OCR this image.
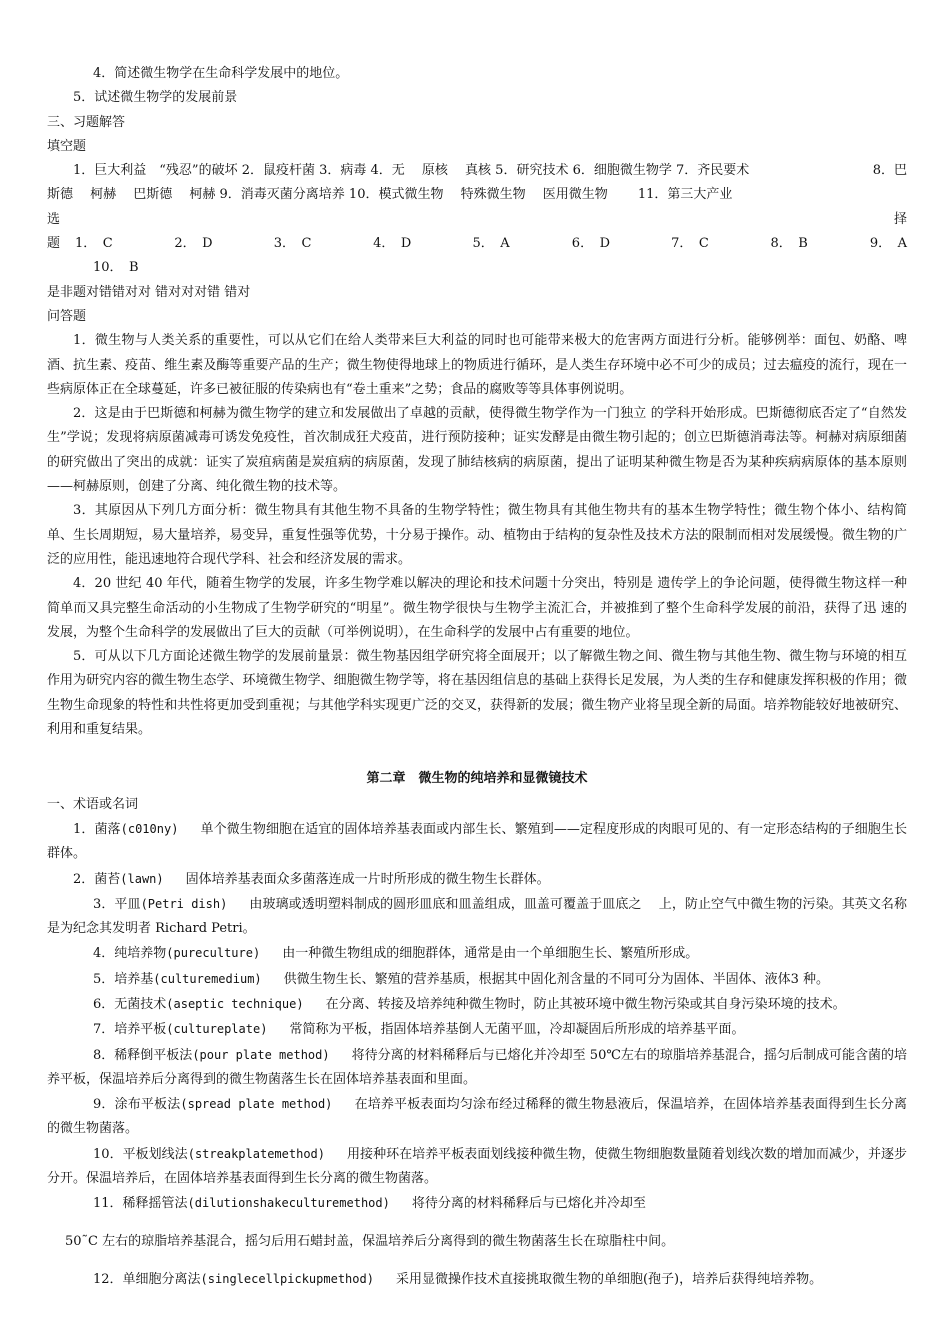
4．简述微生物学在生命科学发展中的地位。
5．试述微生物学的发展前景
三、习题解答
填空题
1．巨大利益　“残忍”的破坏 2．鼠疫杆菌 3．病毒 4．无　 原核　 真核 5．研究技术 6．细胞微生物学 7．齐民要术	8．巴
斯德　 柯赫　 巴斯德　 柯赫 9．消毒灭菌分离培养 10．模式微生物　 特殊微生物　 医用微生物　　 11．第三大产业
选	择
题	1．　C	2．　D	3．　C	4．　D	5．　A	6．　D	7．　C	8．　B	9．　A
10．　B
是非题对错错对对 错对对对错 错对
问答题

1．微生物与人类关系的重要性，可以从它们在给人类带来巨大利益的同时也可能带来极大的危害两方面进行分析。能够例举：面包、奶酪、啤酒、抗生素、疫苗、维生素及酶等重要产品的生产；微生物使得地球上的物质进行循环，是人类生存环境中必不可少的成员；过去瘟疫的流行，现在一些病原体正在全球蔓延，许多已被征服的传染病也有“卷土重来”之势；食品的腐败等等具体事例说明。

2．这是由于巴斯德和柯赫为微生物学的建立和发展做出了卓越的贡献，使得微生物学作为一门独立 的学科开始形成。巴斯德彻底否定了“自然发生”学说；发现将病原菌减毒可诱发免疫性，首次制成狂犬疫苗，进行预防接种；证实发酵是由微生物引起的；创立巴斯德消毒法等。柯赫对病原细菌的研究做出了突出的成就：证实了炭疽病菌是炭疽病的病原菌，发现了肺结核病的病原菌，提出了证明某种微生物是否为某种疾病病原体的基本原则——柯赫原则，创建了分离、纯化微生物的技术等。

3．其原因从下列几方面分析：微生物具有其他生物不具备的生物学特性；微生物具有其他生物共有的基本生物学特性；微生物个体小、结构简单、生长周期短，易大量培养，易变异，重复性强等优势，十分易于操作。动、植物由于结构的复杂性及技术方法的限制而相对发展缓慢。微生物的广泛的应用性，能迅速地符合现代学科、社会和经济发展的需求。

4．20 世纪 40 年代，随着生物学的发展，许多生物学难以解决的理论和技术问题十分突出，特别是 遗传学上的争论问题，使得微生物这样一种简单而又具完整生命活动的小生物成了生物学研究的“明星”。微生物学很快与生物学主流汇合，并被推到了整个生命科学发展的前沿，获得了迅 速的发展，为整个生命科学的发展做出了巨大的贡献（可举例说明），在生命科学的发展中占有重要的地位。

5．可从以下几方面论述微生物学的发展前量景：微生物基因组学研究将全面展开；以了解微生物之间、微生物与其他生物、微生物与环境的相互作用为研究内容的微生物生态学、环境微生物学、细胞微生物学等，将在基因组信息的基础上获得长足发展，为人类的生存和健康发挥积极的作用；微生物生命现象的特性和共性将更加受到重视；与其他学科实现更广泛的交叉，获得新的发展；微生物产业将呈现全新的局面。培养物能较好地被研究、利用和重复结果。

第二章　微生物的纯培养和显微镜技术
一、术语或名词

1．菌落(c010ny) 单个微生物细胞在适宜的固体培养基表面或内部生长、繁殖到——定程度形成的肉眼可见的、有一定形态结构的子细胞生长群体。

2．菌苔(lawn) 固体培养基表面众多菌落连成一片时所形成的微生物生长群体。

3．平皿(Petri dish) 由玻璃或透明塑料制成的圆形皿底和皿盖组成，皿盖可覆盖于皿底之　 上，防止空气中微生物的污染。其英文名称是为纪念其发明者 Richard Petri。

4．纯培养物(pureculture) 由一种微生物组成的细胞群体，通常是由一个单细胞生长、繁殖所形成。

5．培养基(culturemedium) 供微生物生长、繁殖的营养基质，根据其中固化剂含量的不同可分为固体、半固体、液体3 种。

6．无菌技术(aseptic technique) 在分离、转接及培养纯种微生物时，防止其被环境中微生物污染或其自身污染环境的技术。

7．培养平板(cultureplate) 常简称为平板，指固体培养基倒人无菌平皿，冷却凝固后所形成的培养基平面。

8．稀释倒平板法(pour plate method) 将待分离的材料稀释后与已熔化并冷却至 50℃左右的琼脂培养基混合，摇匀后制成可能含菌的培养平板，保温培养后分离得到的微生物菌落生长在固体培养基表面和里面。

9．涂布平板法(spread plate method) 在培养平板表面均匀涂布经过稀释的微生物悬液后，保温培养，在固体培养基表面得到生长分离的微生物菌落。

10．平板划线法(streakplatemethod) 用接种环在培养平板表面划线接种微生物，使微生物细胞数量随着划线次数的增加而减少，并逐步分开。保温培养后，在固体培养基表面得到生长分离的微生物菌落。

11．稀释摇管法(dilutionshakeculturemethod) 将待分离的材料稀释后与已熔化并冷却至

50˜C 左右的琼脂培养基混合，摇匀后用石蜡封盖，保温培养后分离得到的微生物菌落生长在琼脂柱中间。

12．单细胞分离法(singlecellpickupmethod) 采用显微操作技术直接挑取微生物的单细胞(孢子)，培养后获得纯培养物。
